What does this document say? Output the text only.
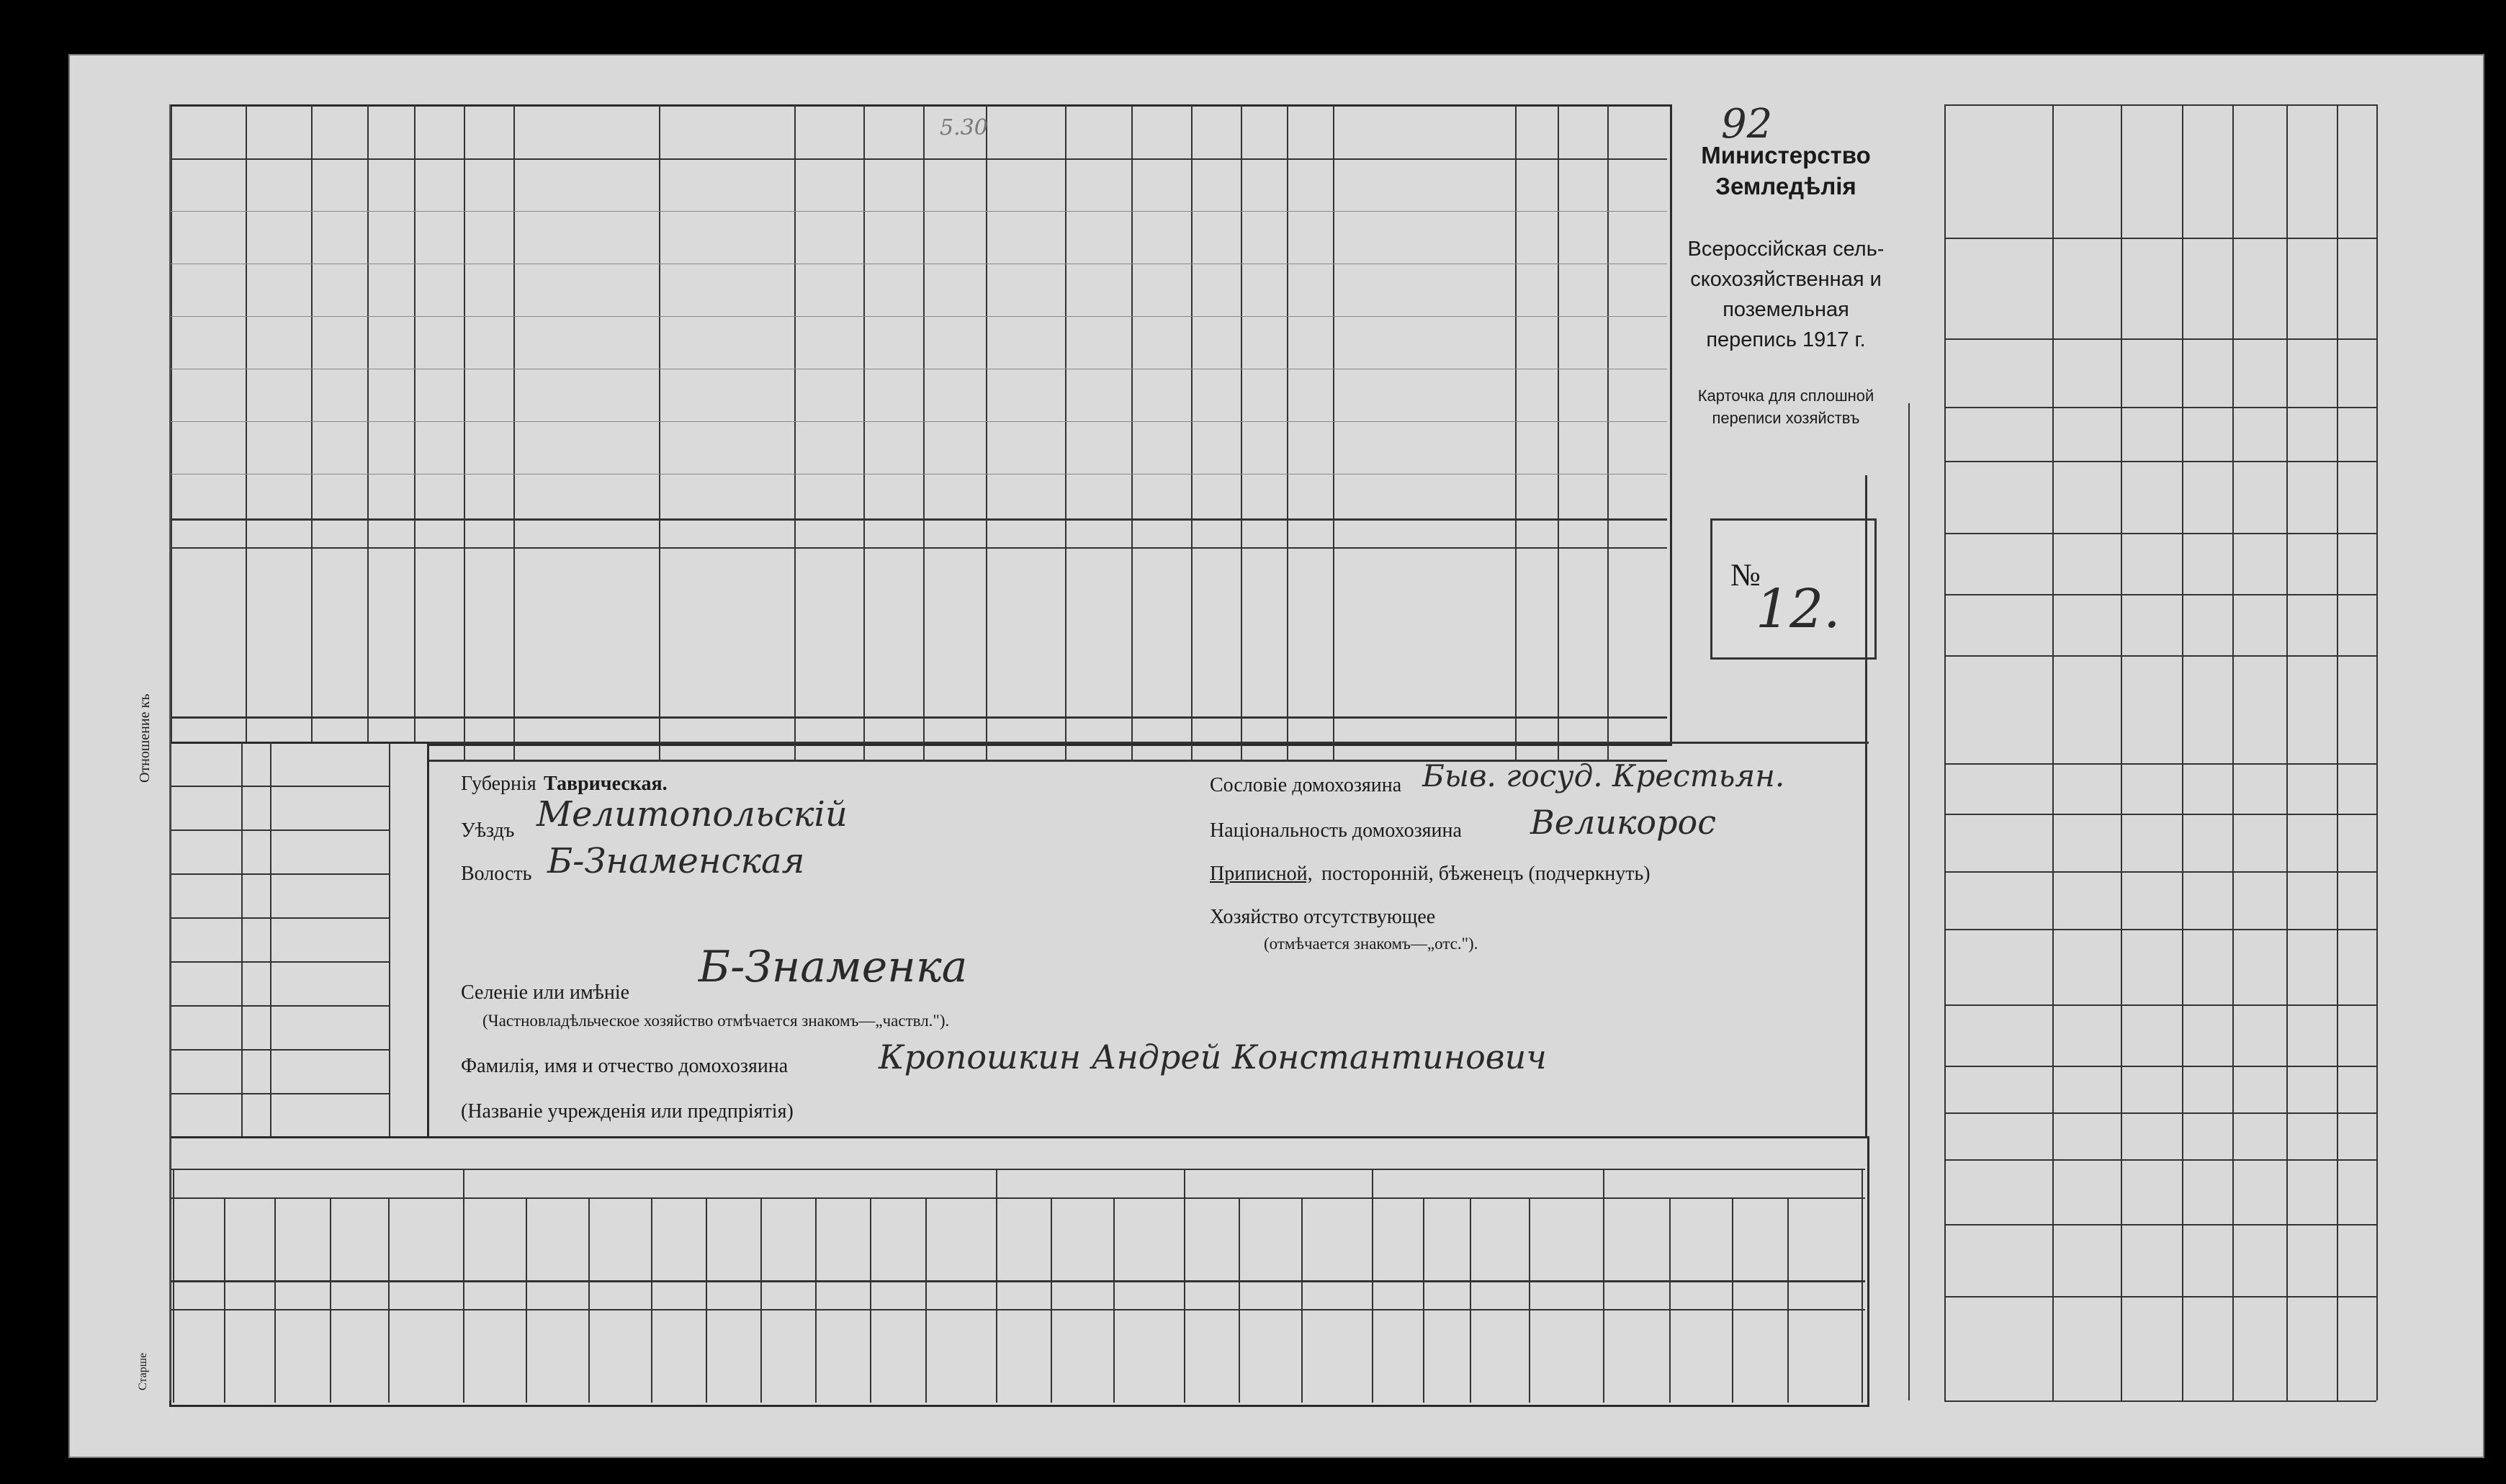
92
Министерство Земледѣлія
Всероссійская сель-скохозяйственная и поземельная перепись 1917 г.
Карточка для сплошной переписи хозяйствъ
№
12.
Губернія Таврическая.
Уѣздъ Мелитопольскій
Волость Б-Знаменская
Сословіе домохозяина Быв. госуд. Крестьян.
Національность домохозяина Великорос
Приписной, посторонній, бѣженецъ (подчеркнуть)
Хозяйство отсутствующее
(отмѣчается знакомъ—„отс.").
Селеніе или имѣніе
Б-Знаменка
(Частновладѣльческое хозяйство отмѣчается знакомъ—„частвл.").
Фамилія, имя и отчество домохозяина	Кропошкин Андрей Константинович
(Названіе учрежденія или предпріятія)
Отношение къ
Старше
5.30
